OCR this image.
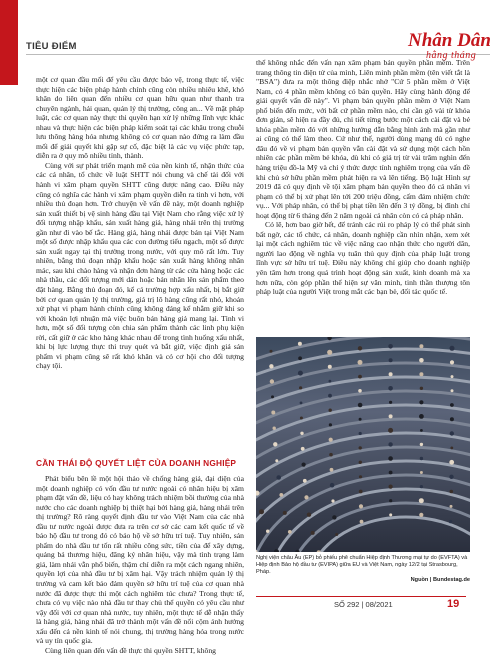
TIÊU ĐIỂM	Nhân Dân
hằng tháng

một cơ quan đầu mối để yêu cầu được bảo vệ, trong thực tế, việc thực hiện các biện pháp hành chính cũng còn nhiều nhiêu khê, khó khăn do liên quan đến nhiều cơ quan hữu quan như thanh tra chuyên ngành, hải quan, quản lý thị trường, công an... Về mặt pháp luật, các cơ quan này thực thi quyền hạn xử lý những lĩnh vực khác nhau và thực hiện các biện pháp kiểm soát tại các khâu trong chuỗi lưu thông hàng hóa nhưng không có cơ quan nào đứng ra làm đầu mối để giải quyết khi gặp sự cố, đặc biệt là các vụ việc phức tạp, diễn ra ở quy mô nhiều tỉnh, thành.

Cùng với sự phát triển mạnh mẽ của nền kinh tế, nhận thức của các cá nhân, tổ chức về luật SHTT nói chung và chế tài đối với hành vi xâm phạm quyền SHTT cũng được nâng cao. Điều này cũng có nghĩa các hành vi xâm phạm quyền diễn ra tinh vi hơn, với nhiều thủ đoạn hơn. Trở chuyện về vấn đề này, một doanh nghiệp sản xuất thiết bị vệ sinh hàng đầu tại Việt Nam cho rằng việc xử lý đối tượng nhập khẩu, sản xuất hàng giả, hàng nhái trên thị trường gần như đi vào bế tắc. Hàng giả, hàng nhái được bán tại Việt Nam một số được nhập khẩu qua các con đường tiểu ngạch, một số được sản xuất ngay tại thị trường trong nước, với quy mô rất lớn. Tuy nhiên, bằng thủ đoạn nhập khẩu hoặc sản xuất hàng không nhãn mác, sau khi chào hàng và nhận đơn hàng từ các cửa hàng hoặc các nhà thầu, các đối tượng mới dán hoặc bán nhãn lên sản phẩm theo đặt hàng. Bằng thủ đoạn đó, kể cả trường hợp xấu nhất, bị bắt giữ bởi cơ quan quản lý thị trường, giá trị lô hàng cũng rất nhỏ, khoản xử phạt vi phạm hành chính cũng không đáng kể nhằm giữ khi so với khoản lợi nhuận mà việc buôn bán hàng giả mang lại. Tình vi hơn, một số đối tượng còn chia sản phẩm thành các linh phụ kiện rời, cất giữ ở các kho hàng khác nhau để trong tình huống xấu nhất, khi bị lực lượng thực thi truy quét và bắt giữ, việc định giá sản phẩm vi phạm cũng sẽ rất khó khăn và có cơ hội cho đối tượng chạy tội.

CẦN THÁI ĐỘ QUYẾT LIỆT CỦA DOANH NGHIỆP

Phát biểu bên lề một hội thảo về chống hàng giả, đại diện của một doanh nghiệp có vốn đầu tư nước ngoài có nhãn hiệu bị xâm phạm đặt vấn đề, liệu có hay không trách nhiệm bồi thường của nhà nước cho các doanh nghiệp bị thiệt hại bởi hàng giả, hàng nhái trên thị trường? Rõ ràng quyết định đầu tư vào Việt Nam của các nhà đầu tư nước ngoài được đưa ra trên cơ sở các cam kết quốc tế về bảo hộ đầu tư trong đó có bảo hộ về sở hữu trí tuệ. Tuy nhiên, sản phẩm do nhà đầu tư tốn rất nhiều công sức, tiền của để xây dựng, quảng bá thương hiệu, đăng ký nhãn hiệu, vậy mà tình trạng làm giả, làm nhái vẫn phổ biến, thậm chí diễn ra một cách ngang nhiên, quyền lợi của nhà đầu tư bị xâm hại. Vậy trách nhiệm quản lý thị trường và cam kết bảo đảm quyền sở hữu trí tuệ của cơ quan nhà nước đã được thực thi một cách nghiêm túc chưa? Trong thực tế, chưa có vụ việc nào nhà đầu tư thay chủ thể quyền có yêu cầu như vậy đối với cơ quan nhà nước, tuy nhiên, một thực tế dễ nhận thấy là hàng giả, hàng nhái đã trở thành một vấn đề nổi cộm ảnh hưởng xấu đến cả nền kinh tế nói chung, thị trường hàng hóa trong nước và uy tín quốc gia.

Cùng liên quan đến vấn đề thực thi quyền SHTT, không

thể không nhắc đến vấn nạn xâm phạm bản quyền phần mềm. Trên trang thông tin điện tử của mình, Liên minh phần mềm (tên viết tắt là "BSA") đưa ra một thông điệp nhắc nhở "Cứ 5 phần mềm ở Việt Nam, có 4 phần mềm không có bản quyền. Hãy cùng hành động để giải quyết vấn đề này". Vi phạm bản quyền phần mềm ở Việt Nam phổ biến đến mức, với bất cứ phần mềm nào, chỉ cần gõ vài từ khóa đơn giản, sẽ hiện ra đầy đủ, chi tiết từng bước một cách cài đặt và bẻ khóa phần mềm đó với những hướng dẫn bằng hình ảnh mà gần như ai cũng có thể làm theo. Cứ như thế, người dùng mạng dù có nghe đâu đó về vi phạm bản quyền vẫn cài đặt và sử dụng một cách hồn nhiên các phần mềm bẻ khóa, dù khi có giá trị từ vài trăm nghìn đến hàng triệu đồ-la Mỹ và chỉ ý thức được tính nghiêm trọng của vấn đề khi chủ sở hữu phần mềm phát hiện ra và lên tiếng. Bộ luật Hình sự 2019 đã có quy định về tội xâm phạm bản quyền theo đó cá nhân vi phạm có thể bị xử phạt lên tới 200 triệu đồng, cấm đảm nhiệm chức vụ... Với pháp nhân, có thể bị phạt tiền lên đến 3 tỷ đồng, bị đình chỉ hoạt động từ 6 tháng đến 2 năm ngoài cá nhân còn có cả pháp nhân.

Có lẽ, hơn bao giờ hết, để tránh các rủi ro pháp lý có thể phát sinh bất ngờ, các tổ chức, cá nhân, doanh nghiệp cần nhìn nhận, xem xét lại một cách nghiêm túc về việc nâng cao nhận thức cho người dân, người lao động về nghĩa vụ tuân thủ quy định của pháp luật trong lĩnh vực sở hữu trí tuệ. Điều này không chỉ giúp cho doanh nghiệp yên tâm hơn trong quá trình hoạt động sản xuất, kinh doanh mà xa hơn nữa, còn góp phần thể hiện sự văn minh, tinh thần thượng tôn pháp luật của người Việt trong mắt các bạn bè, đối tác quốc tế.

Nghị viện châu Âu (EP) bỏ phiếu phê chuẩn Hiệp định Thương mại tự do (EVFTA) và Hiệp định Bảo hộ đầu tư (EVIPA) giữa EU và Việt Nam, ngày 12/2 tại Strasbourg, Pháp.
Nguồn | Bundestag.de
SỐ 292 | 08/2021	19
